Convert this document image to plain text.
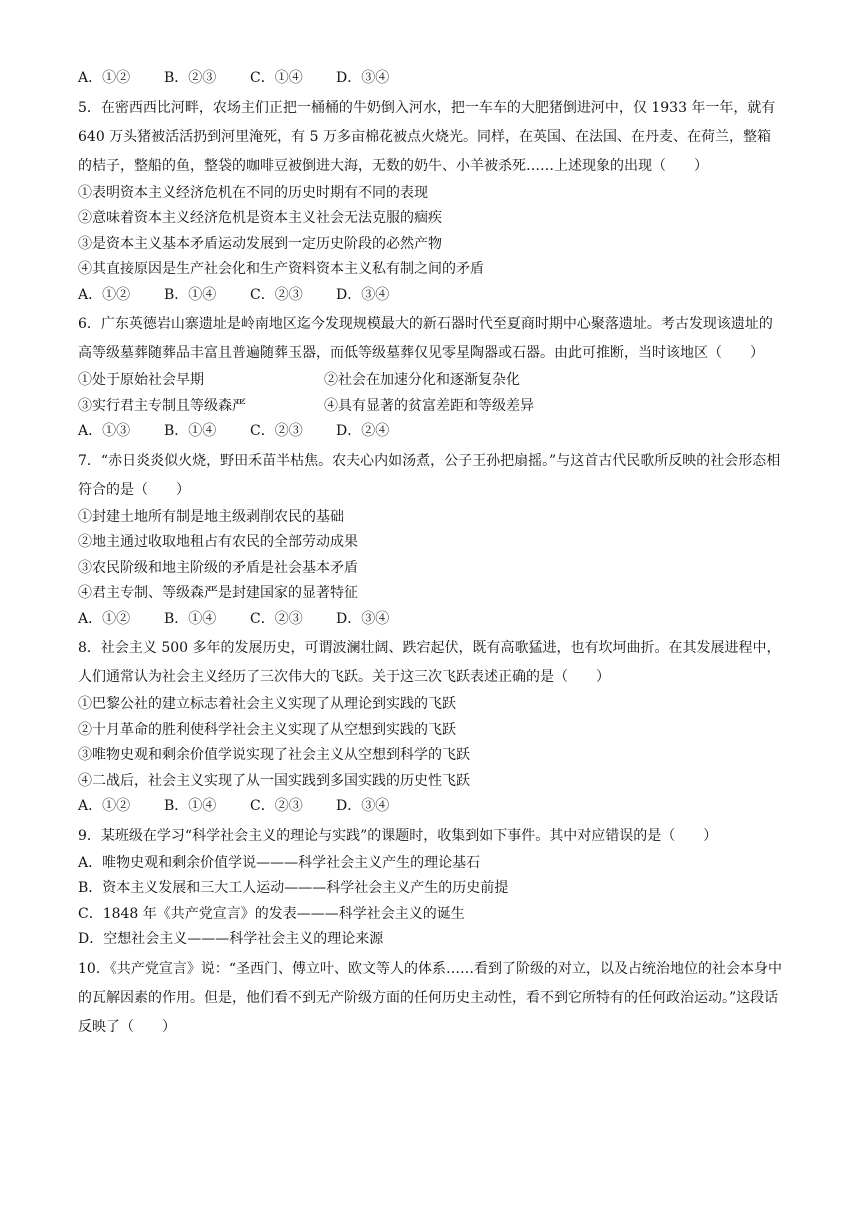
A．①②	B．②③	C．①④	D．③④
5．在密西西比河畔，农场主们正把一桶桶的牛奶倒入河水，把一车车的大肥猪倒进河中，仅 1933 年一年，就有 640 万头猪被活活扔到河里淹死，有 5 万多亩棉花被点火烧光。同样，在英国、在法国、在丹麦、在荷兰，整箱的桔子，整船的鱼，整袋的咖啡豆被倒进大海，无数的奶牛、小羊被杀死……上述现象的出现（　　）
①表明资本主义经济危机在不同的历史时期有不同的表现
②意味着资本主义经济危机是资本主义社会无法克服的痼疾
③是资本主义基本矛盾运动发展到一定历史阶段的必然产物
④其直接原因是生产社会化和生产资料资本主义私有制之间的矛盾
A．①②	B．①④	C．②③	D．③④
6．广东英德岩山寨遗址是岭南地区迄今发现规模最大的新石器时代至夏商时期中心聚落遗址。考古发现该遗址的高等级墓葬随葬品丰富且普遍随葬玉器，而低等级墓葬仅见零星陶器或石器。由此可推断，当时该地区（　　）
①处于原始社会早期	②社会在加速分化和逐渐复杂化
③实行君主专制且等级森严	④具有显著的贫富差距和等级差异
A．①③	B．①④	C．②③	D．②④
7．“赤日炎炎似火烧，野田禾苗半枯焦。农夫心内如汤煮，公子王孙把扇摇。”与这首古代民歌所反映的社会形态相符合的是（　　）
①封建土地所有制是地主级剥削农民的基础
②地主通过收取地租占有农民的全部劳动成果
③农民阶级和地主阶级的矛盾是社会基本矛盾
④君主专制、等级森严是封建国家的显著特征
A．①②	B．①④	C．②③	D．③④
8．社会主义 500 多年的发展历史，可谓波澜壮阔、跌宕起伏，既有高歌猛进，也有坎坷曲折。在其发展进程中，人们通常认为社会主义经历了三次伟大的飞跃。关于这三次飞跃表述正确的是（　　）
①巴黎公社的建立标志着社会主义实现了从理论到实践的飞跃
②十月革命的胜利使科学社会主义实现了从空想到实践的飞跃
③唯物史观和剩余价值学说实现了社会主义从空想到科学的飞跃
④二战后，社会主义实现了从一国实践到多国实践的历史性飞跃
A．①②	B．①④	C．②③	D．③④
9．某班级在学习“科学社会主义的理论与实践”的课题时，收集到如下事件。其中对应错误的是（　　）
A．唯物史观和剩余价值学说———科学社会主义产生的理论基石
B．资本主义发展和三大工人运动———科学社会主义产生的历史前提
C．1848 年《共产党宣言》的发表———科学社会主义的诞生
D．空想社会主义———科学社会主义的理论来源
10．《共产党宣言》说：“圣西门、傅立叶、欧文等人的体系……看到了阶级的对立，以及占统治地位的社会本身中的瓦解因素的作用。但是，他们看不到无产阶级方面的任何历史主动性，看不到它所特有的任何政治运动。”这段话反映了（　　）
